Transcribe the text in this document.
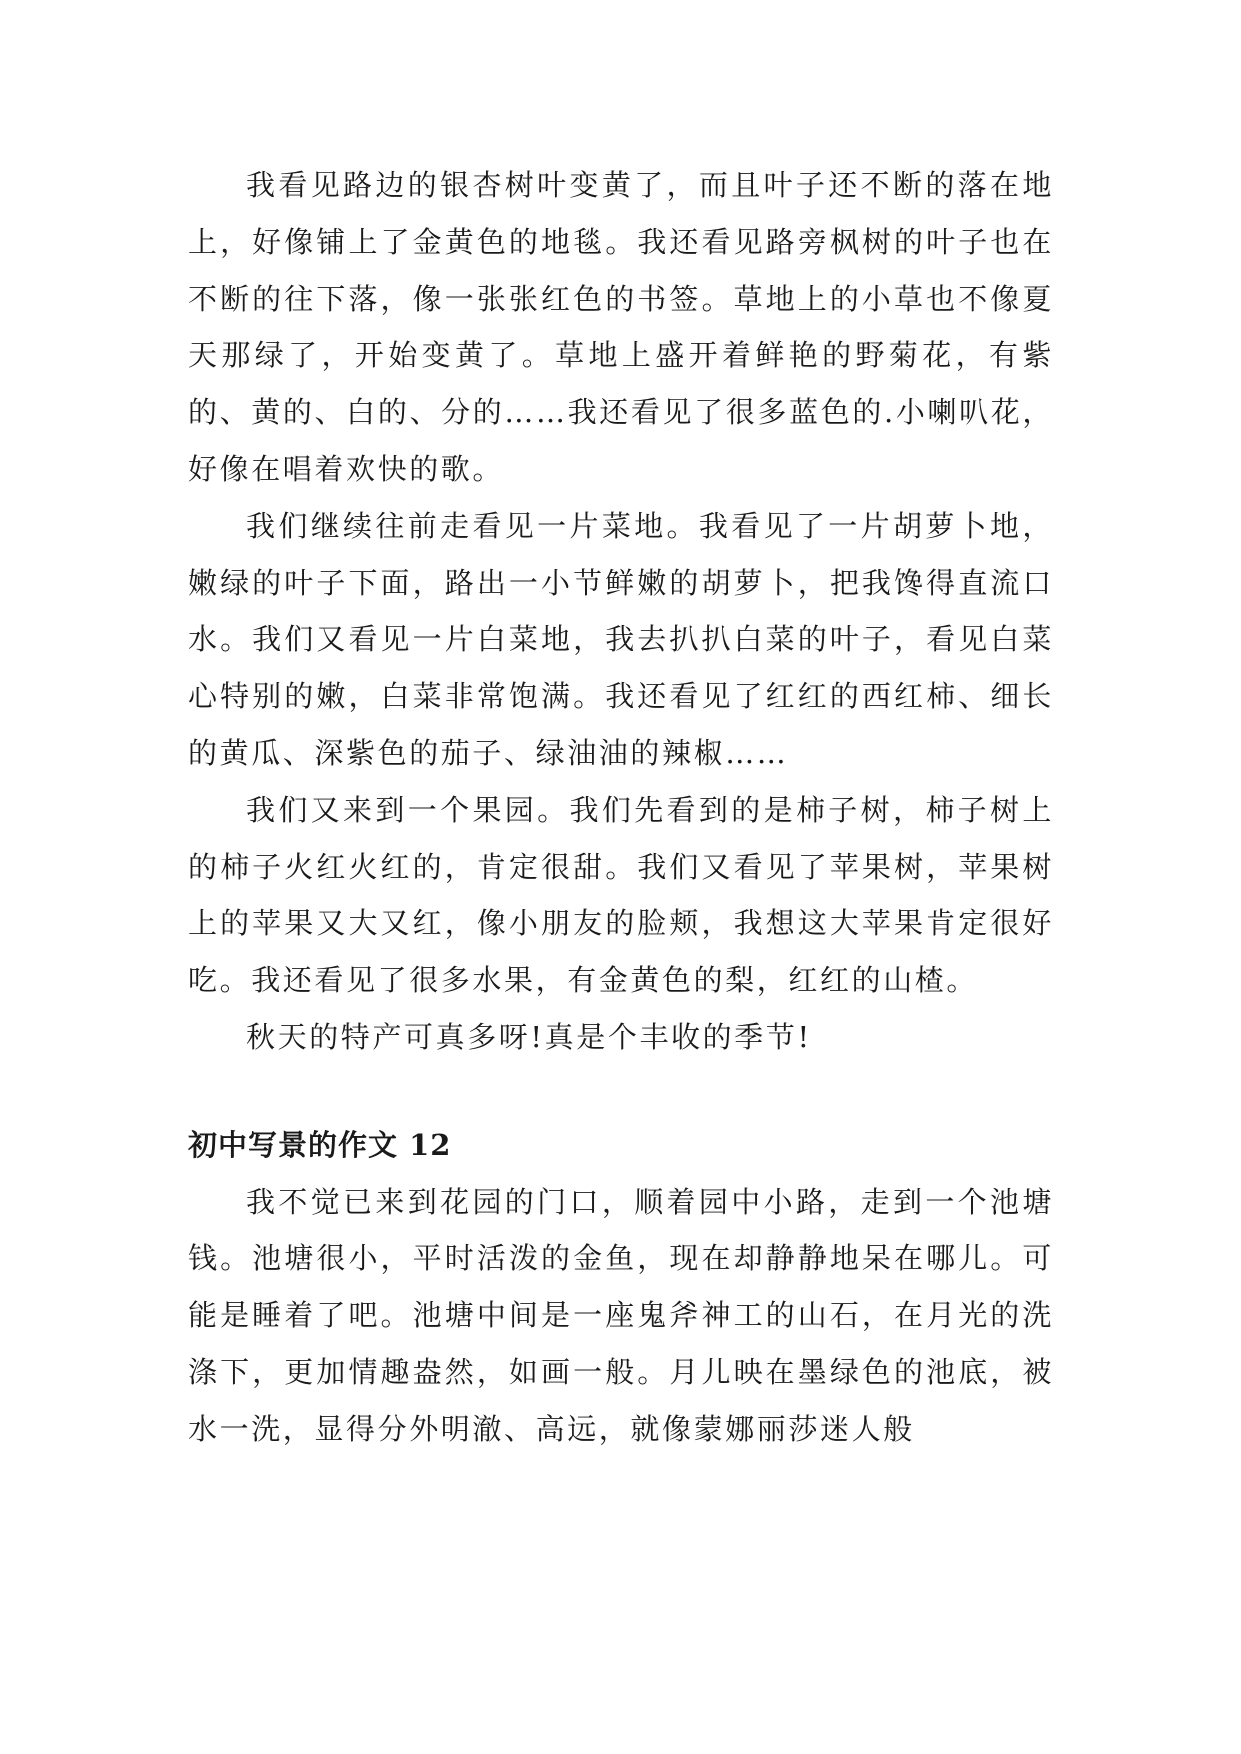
我看见路边的银杏树叶变黄了，而且叶子还不断的落在地上，好像铺上了金黄色的地毯。我还看见路旁枫树的叶子也在不断的往下落，像一张张红色的书签。草地上的小草也不像夏天那绿了，开始变黄了。草地上盛开着鲜艳的野菊花，有紫的、黄的、白的、分的……我还看见了很多蓝色的.小喇叭花，好像在唱着欢快的歌。

我们继续往前走看见一片菜地。我看见了一片胡萝卜地，嫩绿的叶子下面，路出一小节鲜嫩的胡萝卜，把我馋得直流口水。我们又看见一片白菜地，我去扒扒白菜的叶子，看见白菜心特别的嫩，白菜非常饱满。我还看见了红红的西红柿、细长的黄瓜、深紫色的茄子、绿油油的辣椒……

我们又来到一个果园。我们先看到的是柿子树，柿子树上的柿子火红火红的，肯定很甜。我们又看见了苹果树，苹果树上的苹果又大又红，像小朋友的脸颊，我想这大苹果肯定很好吃。我还看见了很多水果，有金黄色的梨，红红的山楂。

秋天的特产可真多呀!真是个丰收的季节!

初中写景的作文 12

我不觉已来到花园的门口，顺着园中小路，走到一个池塘钱。池塘很小，平时活泼的金鱼，现在却静静地呆在哪儿。可能是睡着了吧。池塘中间是一座鬼斧神工的山石，在月光的洗涤下，更加情趣盎然，如画一般。月儿映在墨绿色的池底，被水一洗，显得分外明澈、高远，就像蒙娜丽莎迷人般
